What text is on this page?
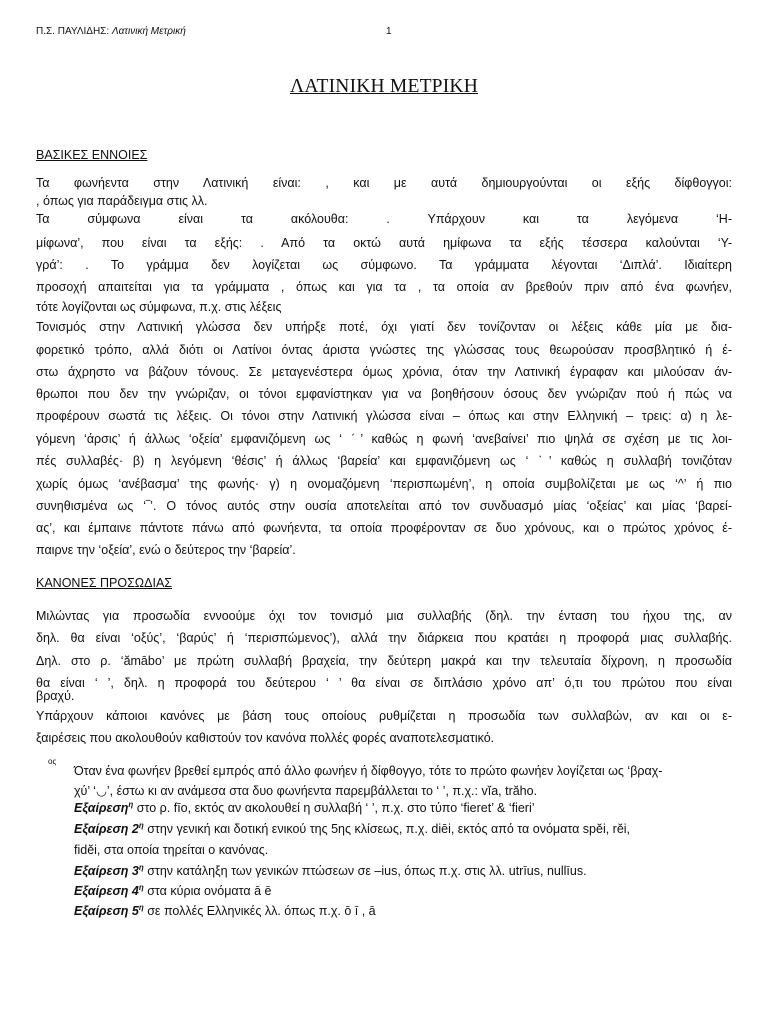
Π.Σ. ΠΑΥΛΙΔΗΣ: Λατινική Μετρική	1
ΛΑΤΙΝΙΚΗ ΜΕΤΡΙΚΗ
ΒΑΣΙΚΕΣ ΕΝΝΟΙΕΣ
Τα φωνήεντα στην Λατινική είναι: , και με αυτά δημιουργούνται οι εξής δίφθογγοι:
, όπως για παράδειγμα στις λλ.
Τα σύμφωνα είναι τα ακόλουθα: . Υπάρχουν και τα λεγόμενα ‘Η-
μίφωνα’, που είναι τα εξής: . Από τα οκτώ αυτά ημίφωνα τα εξής τέσσερα καλούνται ‘Υ-
γρά’: . Το γράμμα δεν λογίζεται ως σύμφωνο. Τα γράμματα λέγονται ‘Διπλά’. Ιδιαίτερη
προσοχή απαιτείται για τα γράμματα , όπως και για τα , τα οποία αν βρεθούν πριν από ένα φωνήεν,
τότε λογίζονται ως σύμφωνα, π.χ. στις λέξεις
Τονισμός στην Λατινική γλώσσα δεν υπήρξε ποτέ, όχι γιατί δεν τονίζονταν οι λέξεις κάθε μία με δια-
φορετικό τρόπο, αλλά διότι οι Λατίνοι όντας άριστα γνώστες της γλώσσας τους θεωρούσαν προσβλητικό ή έ-
στω άχρηστο να βάζουν τόνους. Σε μεταγενέστερα όμως χρόνια, όταν την Λατινική έγραφαν και μιλούσαν άν-
θρωποι που δεν την γνώριζαν, οι τόνοι εμφανίστηκαν για να βοηθήσουν όσους δεν γνώριζαν πού ή πώς να
προφέρουν σωστά τις λέξεις. Οι τόνοι στην Λατινική γλώσσα είναι – όπως και στην Ελληνική – τρεις: α) η λε-
γόμενη ‘άρσις’ ή άλλως ‘οξεία’ εμφανιζόμενη ως ‘ ˊ’ καθώς η φωνή ‘ανεβαίνει’ πιο ψηλά σε σχέση με τις λοι-
πές συλλαβές· β) η λεγόμενη ‘θέσις’ ή άλλως ‘βαρεία’ και εμφανιζόμενη ως ‘ ˋ’ καθώς η συλλαβή τονιζόταν
χωρίς όμως ‘ανέβασμα’ της φωνής· γ) η ονομαζόμενη ‘περισπωμένη’, η οποία συμβολίζεται με ως ‘^’ ή πιο
συνηθισμένα ως ‘‾’. Ο τόνος αυτός στην ουσία αποτελείται από τον συνδυασμό μίας ‘οξείας’ και μίας ‘βαρεί-
ας’, και έμπαινε πάντοτε πάνω από φωνήεντα, τα οποία προφέρονταν σε δυο χρόνους, και ο πρώτος χρόνος έ-
παιρνε την ‘οξεία’, ενώ ο δεύτερος την ‘βαρεία’.
ΚΑΝΟΝΕΣ ΠΡΟΣΩΔΙΑΣ
Μιλώντας για προσωδία εννοούμε όχι τον τονισμό μια συλλαβής (δηλ. την ένταση του ήχου της, αν
δηλ. θα είναι ‘οξύς’, ‘βαρύς’ ή ‘περισπώμενος’), αλλά την διάρκεια που κρατάει η προφορά μιας συλλαβής.
Δηλ. στο ρ. ‘ămābo’ με πρώτη συλλαβή βραχεία, την δεύτερη μακρά και την τελευταία δίχρονη, η προσωδία
θα είναι ‘ ’, δηλ. η προφορά του δεύτερου ‘ ’ θα είναι σε διπλάσιο χρόνο απ’ ό,τι του πρώτου που είναι
βραχύ.
Υπάρχουν κάποιοι κανόνες με βάση τους οποίους ρυθμίζεται η προσωδία των συλλαβών, αν και οι ε-
ξαιρέσεις που ακολουθούν καθιστούν τον κανόνα πολλές φορές αναποτελεσματικό.
ος
Όταν ένα φωνήεν βρεθεί εμπρός από άλλο φωνήεν ή δίφθογγο, τότε το πρώτο φωνήεν λογίζεται ως ‘βραχ-
χύ’ ‘◡’, έστω κι αν ανάμεσα στα δυο φωνήεντα παρεμβάλλεται το ‘ ’, π.χ.: vĭa, trăho.
Εξαίρεση$^\eta$ στο ρ. fīo, εκτός αν ακολουθεί η συλλαβή ‘ ’, π.χ. στο τύπο ‘fieret’ & ‘fieri’
Εξαίρεση $2^\eta$ στην γενική και δοτική ενικού της 5ης κλίσεως, π.χ. diēi, εκτός από τα ονόματα spĕi, rĕi,
fidĕi, στα οποία τηρείται ο κανόνας.
Εξαίρεση $3^\eta$ στην κατάληξη των γενικών πτώσεων σε –ius, όπως π.χ. στις λλ. utrīus, nullīus.
Εξαίρεση $4^\eta$ στα κύρια ονόματα ā ē
Εξαίρεση $5^\eta$ σε πολλές Ελληνικές λλ. όπως π.χ. ō ī , ā
